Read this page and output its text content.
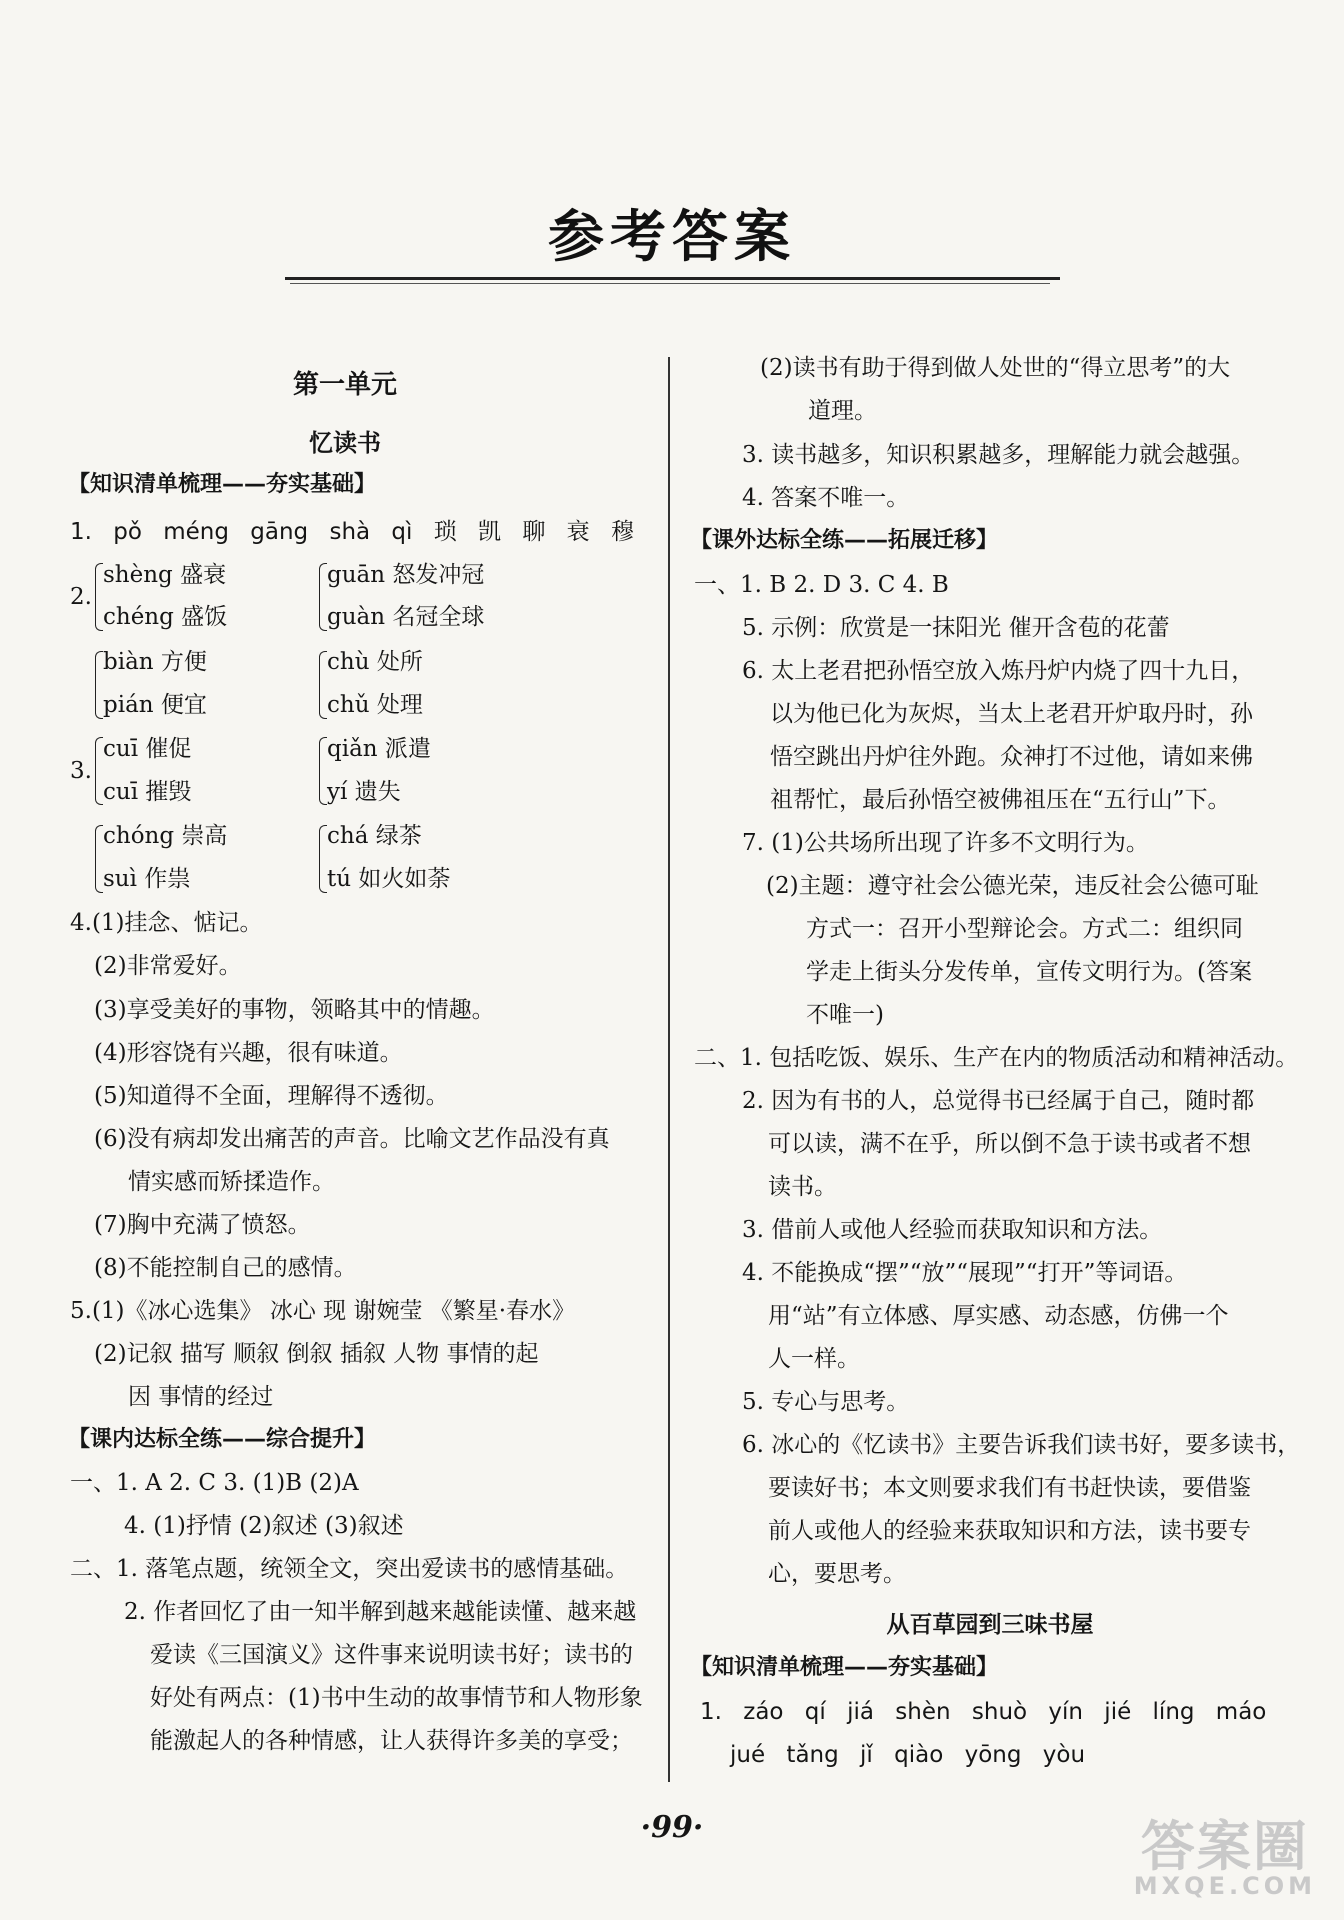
参考答案
第一单元
忆读书
【知识清单梳理——夯实基础】
1. pǒ méng gāng shà qì 琐 凯 聊 衰 穆
2.
shèng 盛衰	guān 怒发冲冠
chéng 盛饭	guàn 名冠全球
biàn 方便	chù 处所
pián 便宜	chǔ 处理
3.
cuī 催促	qiǎn 派遣
cuī 摧毁	yí 遗失
chóng 崇高	chá 绿茶
suì 作祟	tú 如火如荼
4.(1)挂念、惦记。
(2)非常爱好。
(3)享受美好的事物，领略其中的情趣。
(4)形容饶有兴趣，很有味道。
(5)知道得不全面，理解得不透彻。
(6)没有病却发出痛苦的声音。比喻文艺作品没有真
情实感而矫揉造作。
(7)胸中充满了愤怒。
(8)不能控制自己的感情。
5.(1)《冰心选集》 冰心 现 谢婉莹 《繁星·春水》
(2)记叙 描写 顺叙 倒叙 插叙 人物 事情的起
因 事情的经过
【课内达标全练——综合提升】
一、1. A 2. C 3. (1)B (2)A
4. (1)抒情 (2)叙述 (3)叙述
二、1. 落笔点题，统领全文，突出爱读书的感情基础。
2. 作者回忆了由一知半解到越来越能读懂、越来越
爱读《三国演义》这件事来说明读书好；读书的
好处有两点：(1)书中生动的故事情节和人物形象
能激起人的各种情感，让人获得许多美的享受；
(2)读书有助于得到做人处世的“得立思考”的大
道理。
3. 读书越多，知识积累越多，理解能力就会越强。
4. 答案不唯一。
【课外达标全练——拓展迁移】
一、1. B 2. D 3. C 4. B
5. 示例：欣赏是一抹阳光 催开含苞的花蕾
6. 太上老君把孙悟空放入炼丹炉内烧了四十九日，
以为他已化为灰烬，当太上老君开炉取丹时，孙
悟空跳出丹炉往外跑。众神打不过他，请如来佛
祖帮忙，最后孙悟空被佛祖压在“五行山”下。
7. (1)公共场所出现了许多不文明行为。
(2)主题：遵守社会公德光荣，违反社会公德可耻
方式一：召开小型辩论会。方式二：组织同
学走上街头分发传单，宣传文明行为。(答案
不唯一)
二、1. 包括吃饭、娱乐、生产在内的物质活动和精神活动。
2. 因为有书的人，总觉得书已经属于自己，随时都
可以读，满不在乎，所以倒不急于读书或者不想
读书。
3. 借前人或他人经验而获取知识和方法。
4. 不能换成“摆”“放”“展现”“打开”等词语。
用“站”有立体感、厚实感、动态感，仿佛一个
人一样。
5. 专心与思考。
6. 冰心的《忆读书》主要告诉我们读书好，要多读书，
要读好书；本文则要求我们有书赶快读，要借鉴
前人或他人的经验来获取知识和方法，读书要专
心，要思考。
从百草园到三味书屋
【知识清单梳理——夯实基础】
1. záo qí jiá shèn shuò yín jié líng máo
jué tǎng jǐ qiào yōng yòu
·99·	答案圈
MXQE.COM
